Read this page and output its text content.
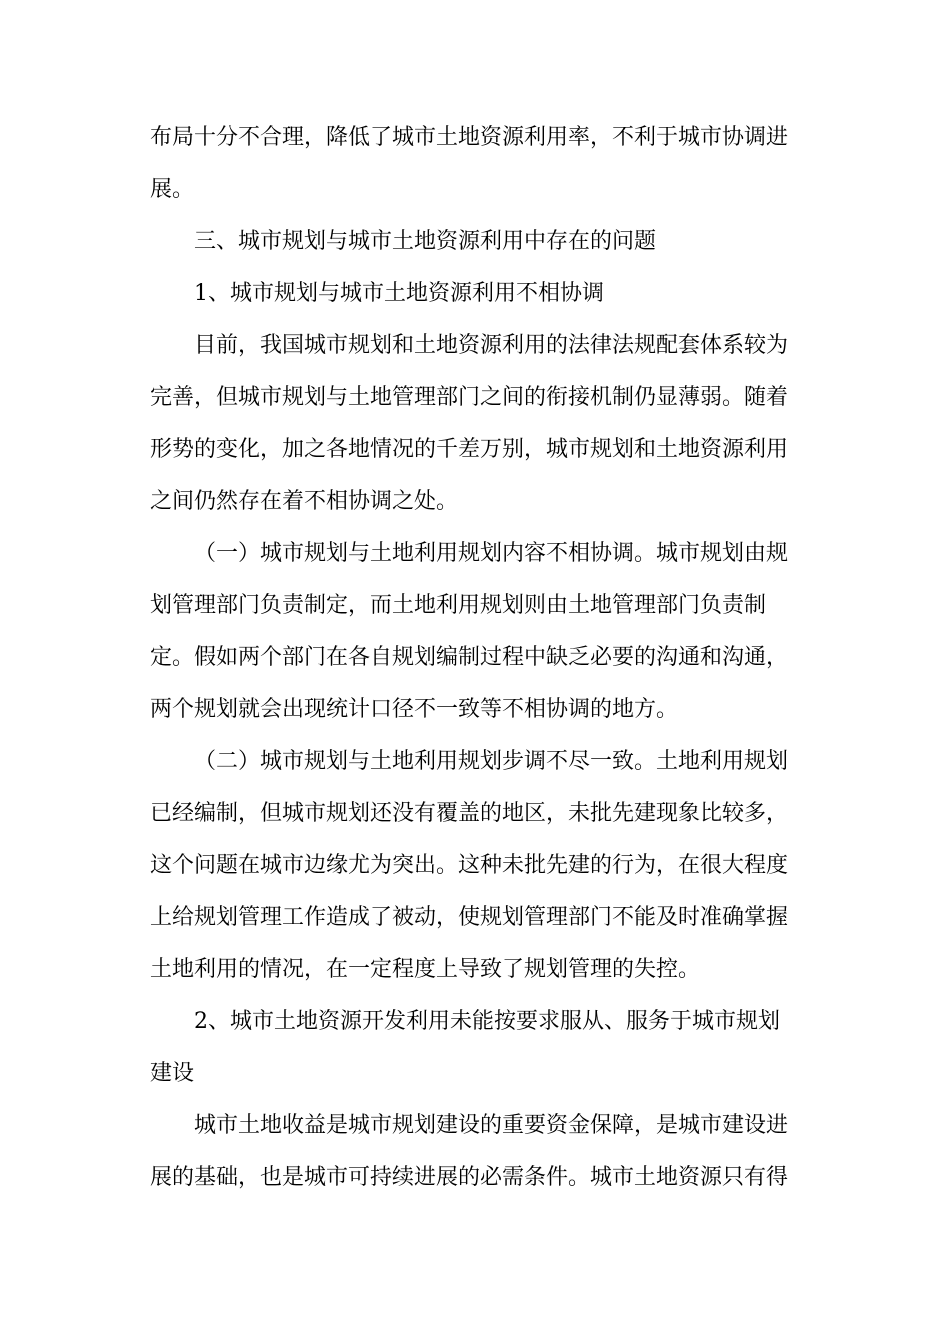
布局十分不合理，降低了城市土地资源利用率，不利于城市协调进
展。
三、城市规划与城市土地资源利用中存在的问题
1、城市规划与城市土地资源利用不相协调
目前，我国城市规划和土地资源利用的法律法规配套体系较为
完善，但城市规划与土地管理部门之间的衔接机制仍显薄弱。随着
形势的变化，加之各地情况的千差万别，城市规划和土地资源利用
之间仍然存在着不相协调之处。
（一）城市规划与土地利用规划内容不相协调。城市规划由规
划管理部门负责制定，而土地利用规划则由土地管理部门负责制
定。假如两个部门在各自规划编制过程中缺乏必要的沟通和沟通，
两个规划就会出现统计口径不一致等不相协调的地方。
（二）城市规划与土地利用规划步调不尽一致。土地利用规划
已经编制，但城市规划还没有覆盖的地区，未批先建现象比较多，
这个问题在城市边缘尤为突出。这种未批先建的行为，在很大程度
上给规划管理工作造成了被动，使规划管理部门不能及时准确掌握
土地利用的情况，在一定程度上导致了规划管理的失控。
2、城市土地资源开发利用未能按要求服从、服务于城市规划
建设
城市土地收益是城市规划建设的重要资金保障，是城市建设进
展的基础，也是城市可持续进展的必需条件。城市土地资源只有得
